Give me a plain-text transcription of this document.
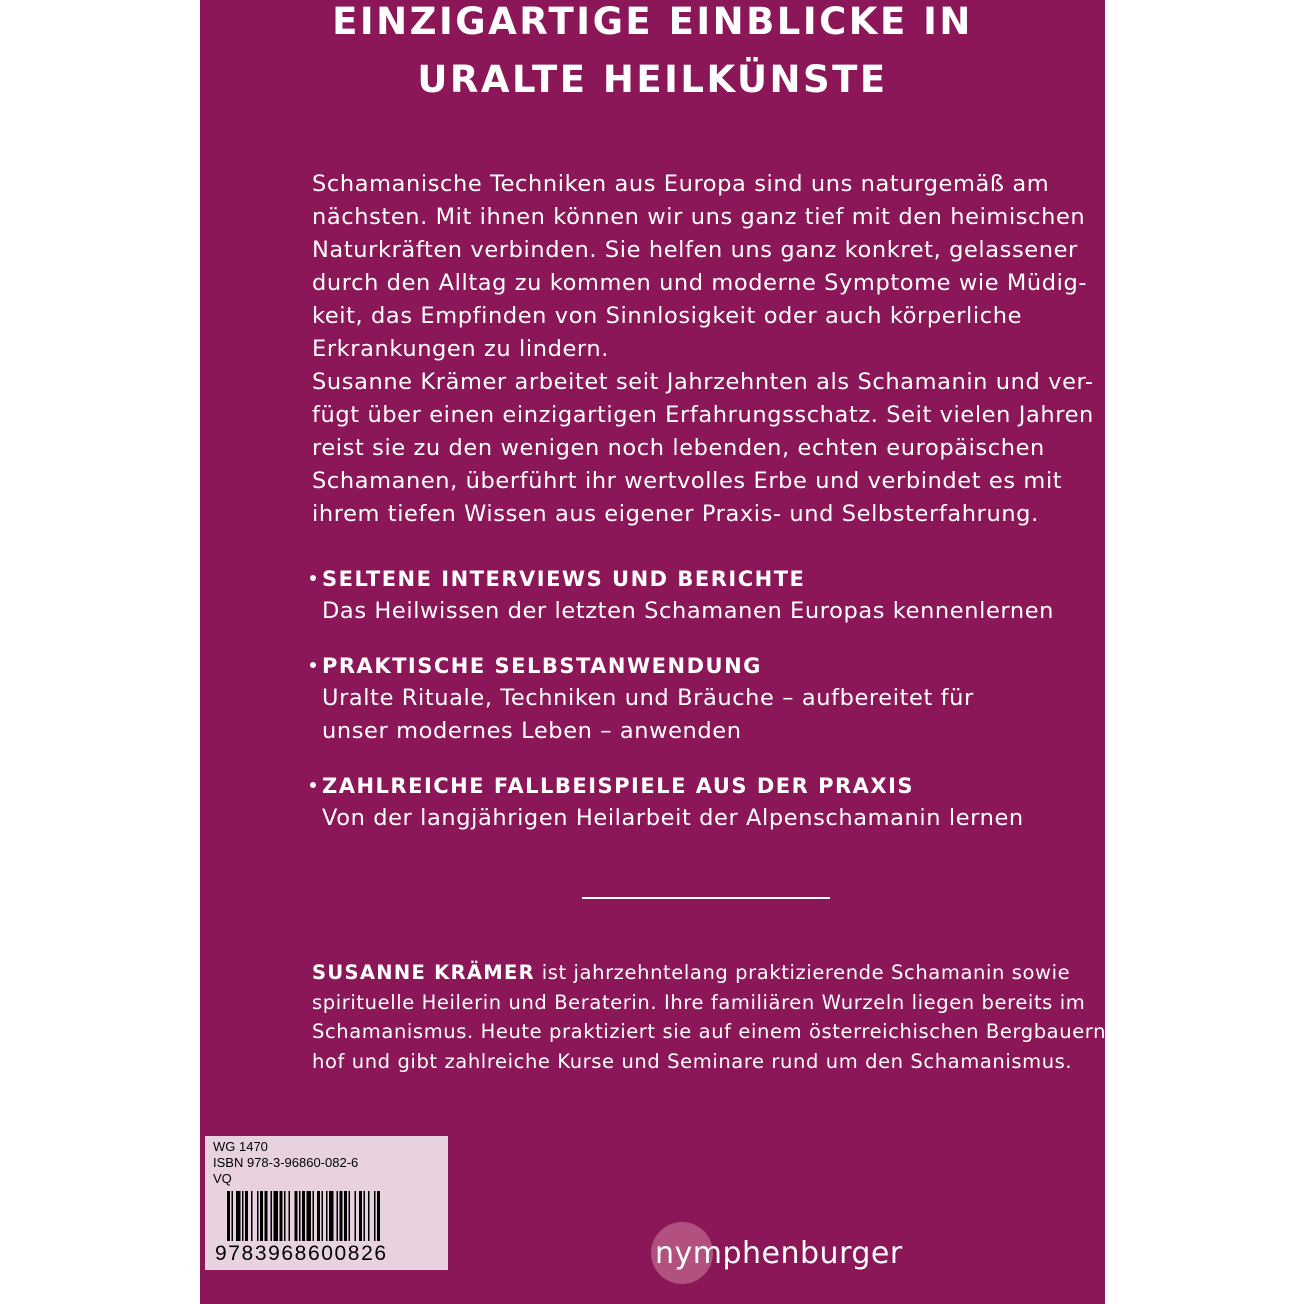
EINZIGARTIGE EINBLICKE IN
URALTE HEILKÜNSTE
Schamanische Techniken aus Europa sind uns naturgemäß am
nächsten. Mit ihnen können wir uns ganz tief mit den heimischen
Naturkräften verbinden. Sie helfen uns ganz konkret, gelassener
durch den Alltag zu kommen und moderne Symptome wie Müdig-
keit, das Empfinden von Sinnlosigkeit oder auch körperliche
Erkrankungen zu lindern.
Susanne Krämer arbeitet seit Jahrzehnten als Schamanin und ver-
fügt über einen einzigartigen Erfahrungsschatz. Seit vielen Jahren
reist sie zu den wenigen noch lebenden, echten europäischen
Schamanen, überführt ihr wertvolles Erbe und verbindet es mit
ihrem tiefen Wissen aus eigener Praxis- und Selbsterfahrung.
SELTENE INTERVIEWS UND BERICHTE
Das Heilwissen der letzten Schamanen Europas kennenlernen
PRAKTISCHE SELBSTANWENDUNG
Uralte Rituale, Techniken und Bräuche – aufbereitet für
unser modernes Leben – anwenden
ZAHLREICHE FALLBEISPIELE AUS DER PRAXIS
Von der langjährigen Heilarbeit der Alpenschamanin lernen
SUSANNE KRÄMER ist jahrzehntelang praktizierende Schamanin sowie
spirituelle Heilerin und Beraterin. Ihre familiären Wurzeln liegen bereits im
Schamanismus. Heute praktiziert sie auf einem österreichischen Bergbauern-
hof und gibt zahlreiche Kurse und Seminare rund um den Schamanismus.
WG 1470
ISBN 978-3-96860-082-6
VQ
9783968600826	nymphenburger
